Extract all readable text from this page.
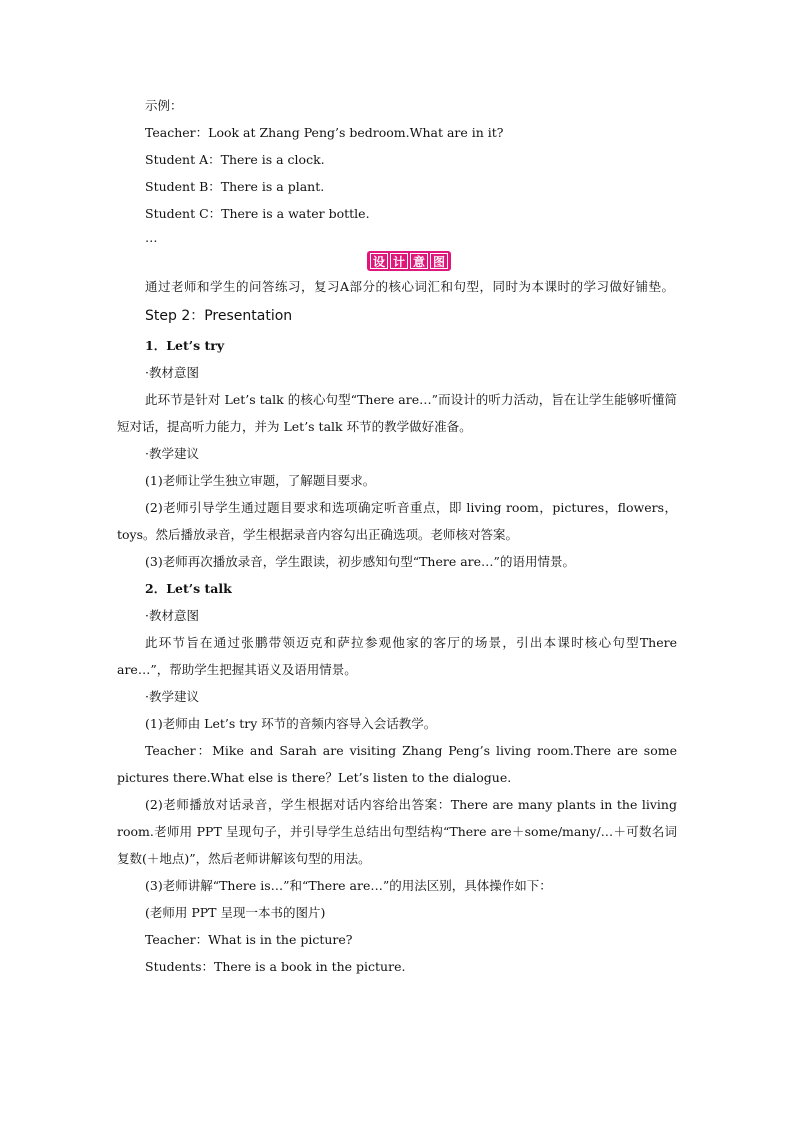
示例：

Teacher：Look at Zhang Peng’s bedroom.What are in it?

Student A：There is a clock.

Student B：There is a plant.

Student C：There is a water bottle.

…

设 计 意 图

通过老师和学生的问答练习，复习A部分的核心词汇和句型，同时为本课时的学习做好铺垫。

Step 2：Presentation

1．Let’s try

·教材意图

此环节是针对 Let’s talk 的核心句型“There are…”而设计的听力活动，旨在让学生能够听懂简短对话，提高听力能力，并为 Let’s talk 环节的教学做好准备。

·教学建议

(1)老师让学生独立审题，了解题目要求。

(2)老师引导学生通过题目要求和选项确定听音重点，即 living room，pictures，flowers，toys。然后播放录音，学生根据录音内容勾出正确选项。老师核对答案。

(3)老师再次播放录音，学生跟读，初步感知句型“There are…”的语用情景。

2．Let’s talk

·教材意图

此环节旨在通过张鹏带领迈克和萨拉参观他家的客厅的场景，引出本课时核心句型There are…”，帮助学生把握其语义及语用情景。

·教学建议

(1)老师由 Let’s try 环节的音频内容导入会话教学。

Teacher：Mike and Sarah are visiting Zhang Peng’s living room.There are some pictures there.What else is there？Let’s listen to the dialogue.

(2)老师播放对话录音，学生根据对话内容给出答案：There are many plants in the living room.老师用 PPT 呈现句子，并引导学生总结出句型结构“There are＋some/many/…＋可数名词复数(＋地点)”，然后老师讲解该句型的用法。

(3)老师讲解“There is…”和“There are…”的用法区别，具体操作如下：

(老师用 PPT 呈现一本书的图片)

Teacher：What is in the picture?

Students：There is a book in the picture.
